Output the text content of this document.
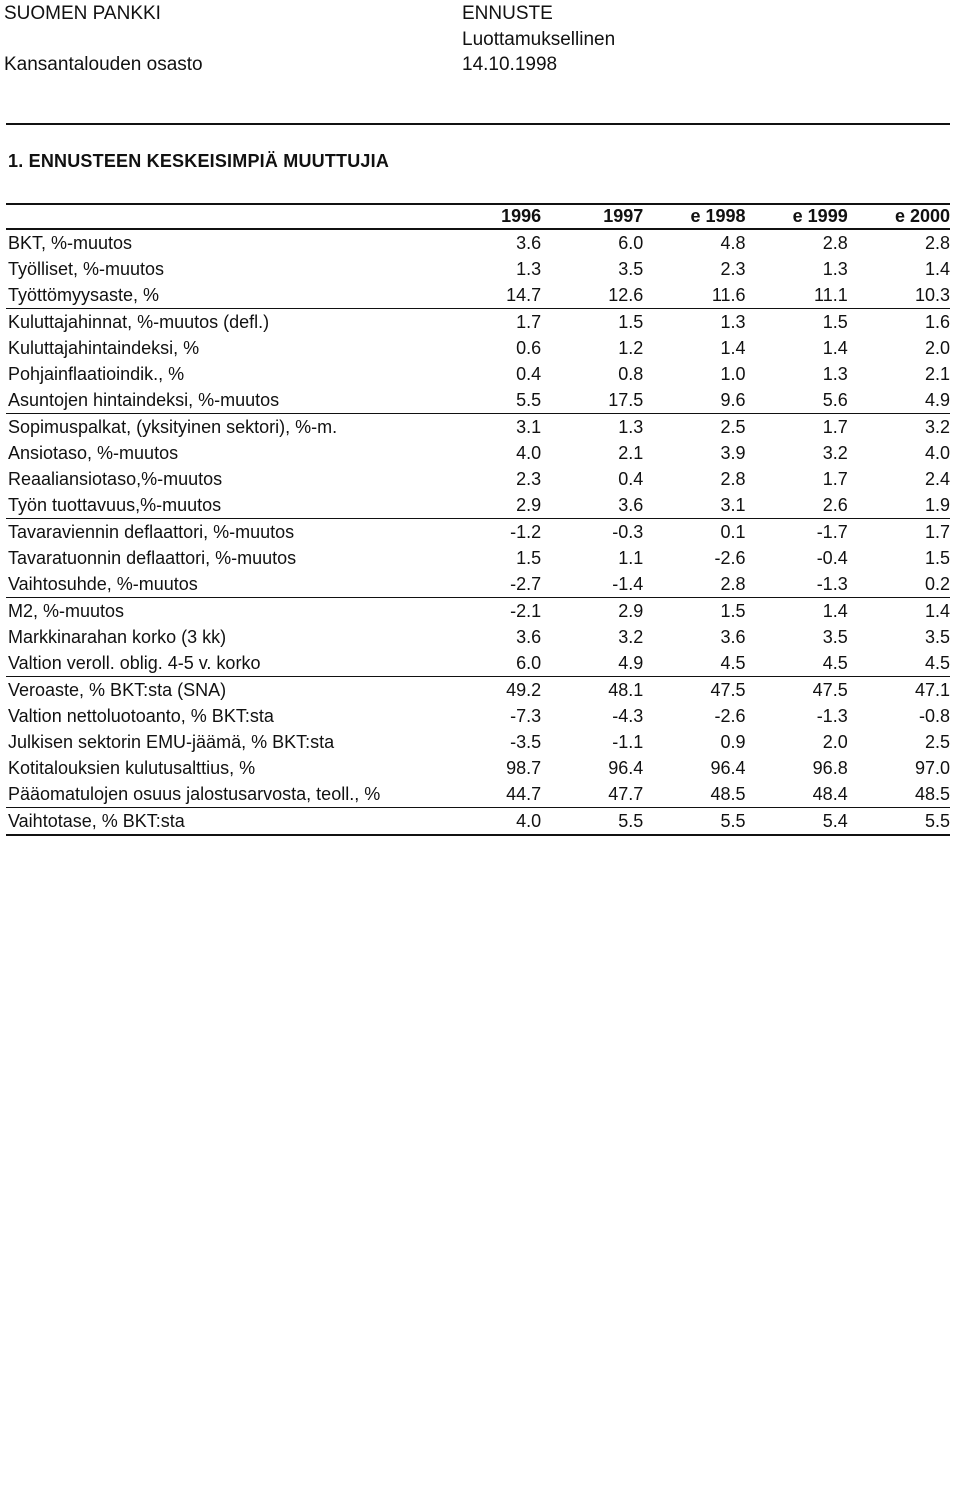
SUOMEN PANKKI
Kansantalouden osasto
ENNUSTE
Luottamuksellinen
14.10.1998
1. ENNUSTEEN KESKEISIMPIÄ MUUTTUJIA
	1996	1997	e 1998	e 1999	e 2000
BKT, %-muutos	3.6	6.0	4.8	2.8	2.8
Työlliset, %-muutos	1.3	3.5	2.3	1.3	1.4
Työttömyysaste, %	14.7	12.6	11.6	11.1	10.3
Kuluttajahinnat, %-muutos (defl.)	1.7	1.5	1.3	1.5	1.6
Kuluttajahintaindeksi, %	0.6	1.2	1.4	1.4	2.0
Pohjainflaatioindik., %	0.4	0.8	1.0	1.3	2.1
Asuntojen hintaindeksi, %-muutos	5.5	17.5	9.6	5.6	4.9
Sopimuspalkat, (yksityinen sektori), %-m.	3.1	1.3	2.5	1.7	3.2
Ansiotaso, %-muutos	4.0	2.1	3.9	3.2	4.0
Reaaliansiotaso,%-muutos	2.3	0.4	2.8	1.7	2.4
Työn tuottavuus,%-muutos	2.9	3.6	3.1	2.6	1.9
Tavaraviennin deflaattori, %-muutos	-1.2	-0.3	0.1	-1.7	1.7
Tavaratuonnin deflaattori, %-muutos	1.5	1.1	-2.6	-0.4	1.5
Vaihtosuhde, %-muutos	-2.7	-1.4	2.8	-1.3	0.2
M2, %-muutos	-2.1	2.9	1.5	1.4	1.4
Markkinarahan korko (3 kk)	3.6	3.2	3.6	3.5	3.5
Valtion veroll. oblig. 4-5 v. korko	6.0	4.9	4.5	4.5	4.5
Veroaste, % BKT:sta (SNA)	49.2	48.1	47.5	47.5	47.1
Valtion nettoluotoanto, % BKT:sta	-7.3	-4.3	-2.6	-1.3	-0.8
Julkisen sektorin EMU-jäämä, % BKT:sta	-3.5	-1.1	0.9	2.0	2.5
Kotitalouksien kulutusalttius, %	98.7	96.4	96.4	96.8	97.0
Pääomatulojen osuus jalostusarvosta, teoll., %	44.7	47.7	48.5	48.4	48.5
Vaihtotase, % BKT:sta	4.0	5.5	5.5	5.4	5.5
